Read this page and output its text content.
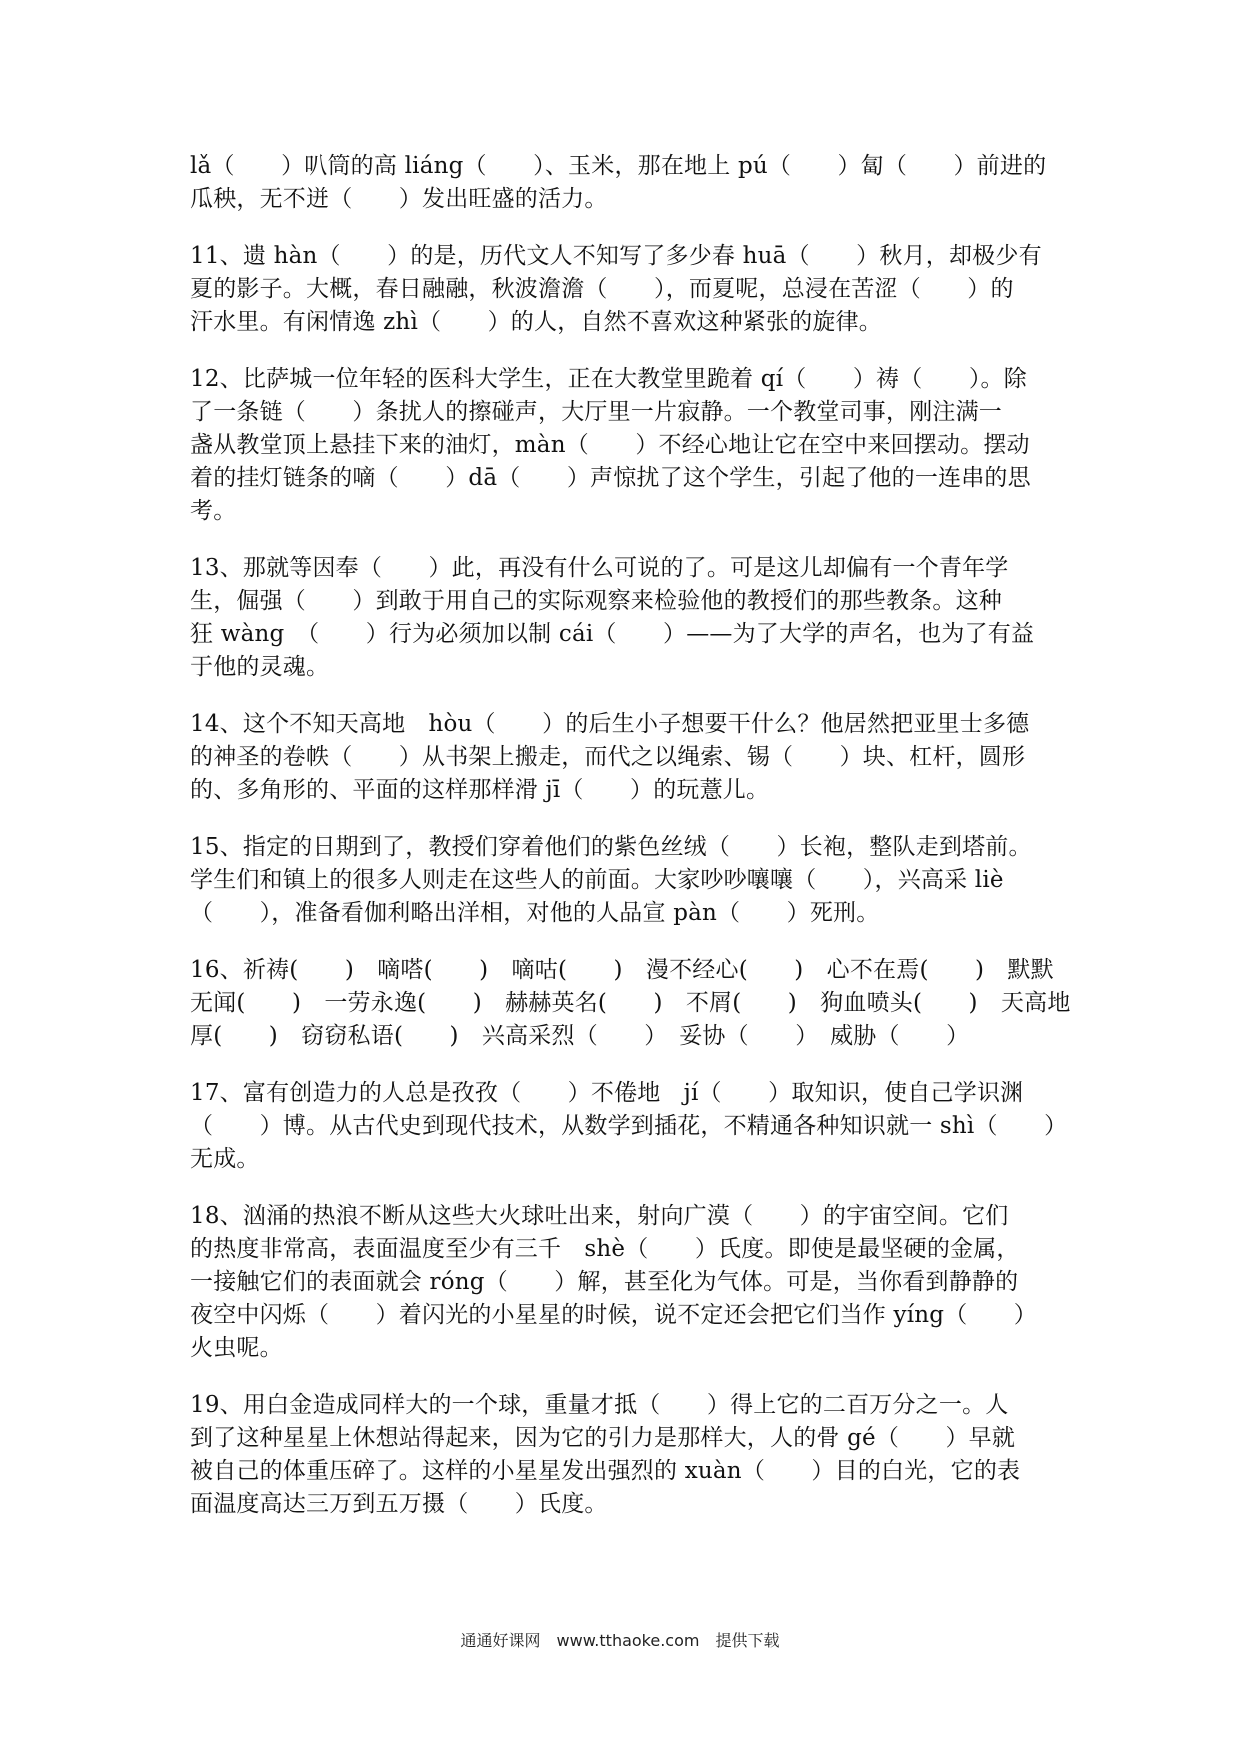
lǎ（　　）叭筒的高 liáng（　　）、玉米，那在地上 pú（　　）匐（　　）前进的
瓜秧，无不迸（　　）发出旺盛的活力。
11、遗 hàn（　　）的是，历代文人不知写了多少春 huā（　　）秋月，却极少有
夏的影子。大概，春日融融，秋波澹澹（　　），而夏呢，总浸在苦涩（　　）的
汗水里。有闲情逸 zhì（　　）的人，自然不喜欢这种紧张的旋律。
12、比萨城一位年轻的医科大学生，正在大教堂里跪着 qí（　　）祷（　　）。除
了一条链（　　）条扰人的擦碰声，大厅里一片寂静。一个教堂司事，刚注满一
盏从教堂顶上悬挂下来的油灯，màn（　　）不经心地让它在空中来回摆动。摆动
着的挂灯链条的嘀（　　）dā（　　）声惊扰了这个学生，引起了他的一连串的思
考。
13、那就等因奉（　　）此，再没有什么可说的了。可是这儿却偏有一个青年学
生，倔强（　　）到敢于用自己的实际观察来检验他的教授们的那些教条。这种
狂 wàng　（　　）行为必须加以制 cái（　　）——为了大学的声名，也为了有益
于他的灵魂。
14、这个不知天高地　hòu（　　）的后生小子想要干什么？他居然把亚里士多德
的神圣的卷帙（　　）从书架上搬走，而代之以绳索、锡（　　）块、杠杆，圆形
的、多角形的、平面的这样那样滑 jī（　　）的玩薏儿。
15、指定的日期到了，教授们穿着他们的紫色丝绒（　　）长袍，整队走到塔前。
学生们和镇上的很多人则走在这些人的前面。大家吵吵嚷嚷（　　），兴高采 liè
（　　），准备看伽利略出洋相，对他的人品宣 pàn（　　）死刑。
16、祈祷(　　)　嘀嗒(　　)　嘀咕(　　)　漫不经心(　　)　心不在焉(　　)　默默
无闻(　　)　一劳永逸(　　)　赫赫英名(　　)　不屑(　　)　狗血喷头(　　)　天高地
厚(　　)　窃窃私语(　　)　兴高采烈（　　）　妥协（　　）　威胁（　　）
17、富有创造力的人总是孜孜（　　）不倦地　jí（　　）取知识，使自己学识渊
（　　）博。从古代史到现代技术，从数学到插花，不精通各种知识就一 shì（　　）
无成。
18、汹涌的热浪不断从这些大火球吐出来，射向广漠（　　）的宇宙空间。它们
的热度非常高，表面温度至少有三千　shè（　　）氏度。即使是最坚硬的金属，
一接触它们的表面就会 róng（　　）解，甚至化为气体。可是，当你看到静静的
夜空中闪烁（　　）着闪光的小星星的时候，说不定还会把它们当作 yíng（　　）
火虫呢。
19、用白金造成同样大的一个球，重量才抵（　　）得上它的二百万分之一。人
到了这种星星上休想站得起来，因为它的引力是那样大，人的骨 gé（　　）早就
被自己的体重压碎了。这样的小星星发出强烈的 xuàn（　　）目的白光，它的表
面温度高达三万到五万摄（　　）氏度。
通通好课网　www.tthaoke.com　提供下载
